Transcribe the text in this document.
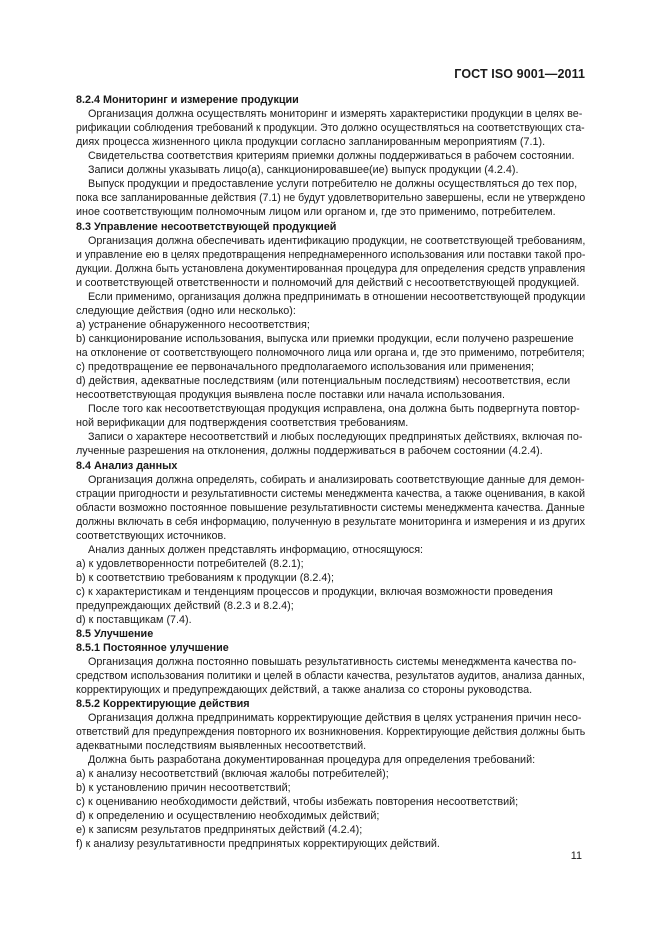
ГОСТ ISO 9001—2011
8.2.4 Мониторинг и измерение продукции
Организация должна осуществлять мониторинг и измерять характеристики продукции в целях ве-
рификации соблюдения требований к продукции. Это должно осуществляться на соответствующих ста-
диях процесса жизненного цикла продукции согласно запланированным мероприятиям (7.1).
Свидетельства соответствия критериям приемки должны поддерживаться в рабочем состоянии.
Записи должны указывать лицо(а), санкционировавшее(ие) выпуск продукции (4.2.4).
Выпуск продукции и предоставление услуги потребителю не должны осуществляться до тех пор,
пока все запланированные действия (7.1) не будут удовлетворительно завершены, если не утверждено
иное соответствующим полномочным лицом или органом и, где это применимо, потребителем.
8.3 Управление несоответствующей продукцией
Организация должна обеспечивать идентификацию продукции, не соответствующей требованиям,
и управление ею в целях предотвращения непреднамеренного использования или поставки такой про-
дукции. Должна быть установлена документированная процедура для определения средств управления
и соответствующей ответственности и полномочий для действий с несоответствующей продукцией.
Если применимо, организация должна предпринимать в отношении несоответствующей продукции
следующие действия (одно или несколько):
a) устранение обнаруженного несоответствия;
b) санкционирование использования, выпуска или приемки продукции, если получено разрешение
на отклонение от соответствующего полномочного лица или органа и, где это применимо, потребителя;
c) предотвращение ее первоначального предполагаемого использования или применения;
d) действия, адекватные последствиям (или потенциальным последствиям) несоответствия, если
несоответствующая продукция выявлена после поставки или начала использования.
После того как несоответствующая продукция исправлена, она должна быть подвергнута повтор-
ной верификации для подтверждения соответствия требованиям.
Записи о характере несоответствий и любых последующих предпринятых действиях, включая по-
лученные разрешения на отклонения, должны поддерживаться в рабочем состоянии (4.2.4).
8.4 Анализ данных
Организация должна определять, собирать и анализировать соответствующие данные для демон-
страции пригодности и результативности системы менеджмента качества, а также оценивания, в какой
области возможно постоянное повышение результативности системы менеджмента качества. Данные
должны включать в себя информацию, полученную в результате мониторинга и измерения и из других
соответствующих источников.
Анализ данных должен представлять информацию, относящуюся:
a) к удовлетворенности потребителей (8.2.1);
b) к соответствию требованиям к продукции (8.2.4);
c) к характеристикам и тенденциям процессов и продукции, включая возможности проведения
предупреждающих действий (8.2.3 и 8.2.4);
d) к поставщикам (7.4).
8.5 Улучшение
8.5.1 Постоянное улучшение
Организация должна постоянно повышать результативность системы менеджмента качества по-
средством использования политики и целей в области качества, результатов аудитов, анализа данных,
корректирующих и предупреждающих действий, а также анализа со стороны руководства.
8.5.2 Корректирующие действия
Организация должна предпринимать корректирующие действия в целях устранения причин несо-
ответствий для предупреждения повторного их возникновения. Корректирующие действия должны быть
адекватными последствиям выявленных несоответствий.
Должна быть разработана документированная процедура для определения требований:
a) к анализу несоответствий (включая жалобы потребителей);
b) к установлению причин несоответствий;
c) к оцениванию необходимости действий, чтобы избежать повторения несоответствий;
d) к определению и осуществлению необходимых действий;
e) к записям результатов предпринятых действий (4.2.4);
f) к анализу результативности предпринятых корректирующих действий.
11
